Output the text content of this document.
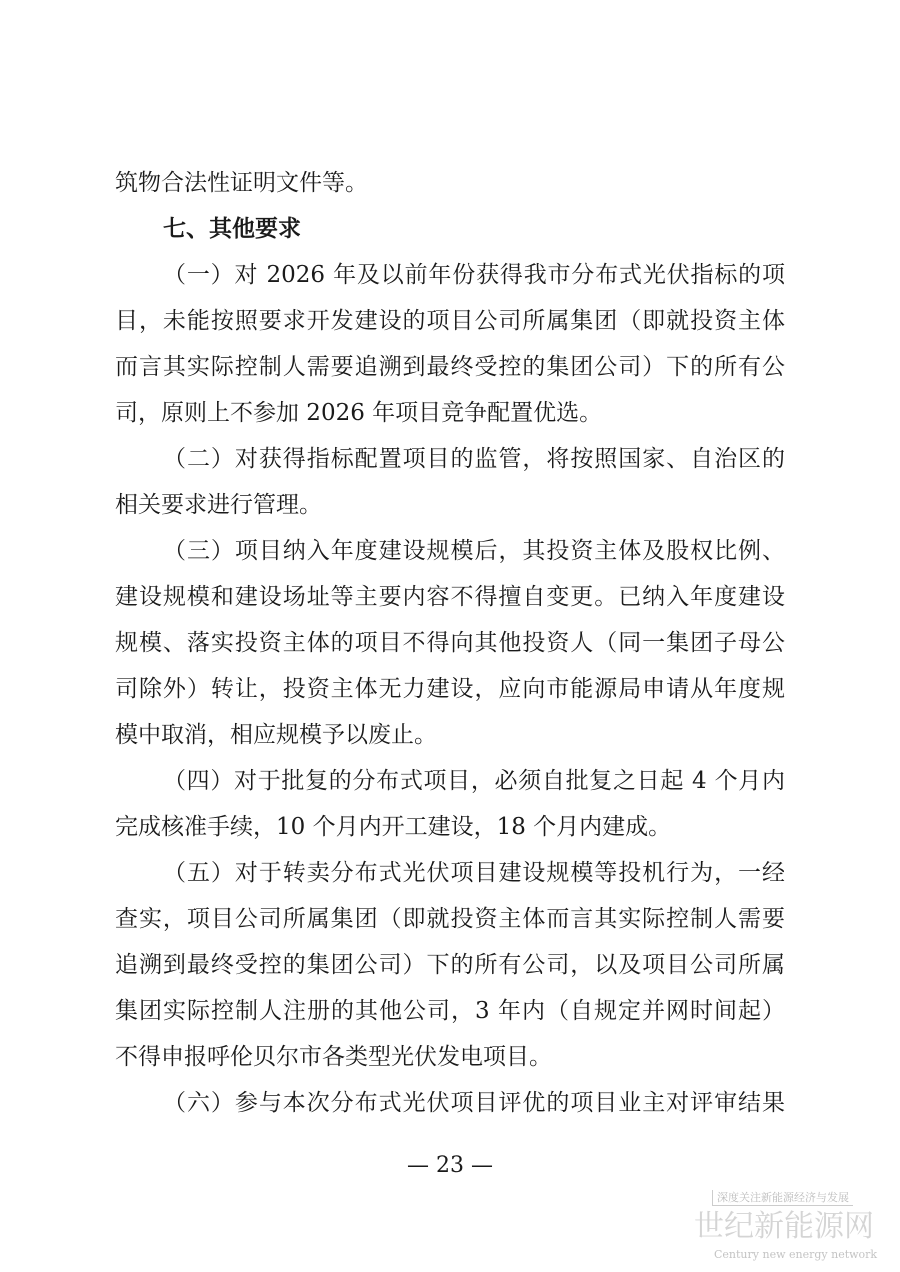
筑物合法性证明文件等。
七、其他要求
（一）对 2026 年及以前年份获得我市分布式光伏指标的项
目，未能按照要求开发建设的项目公司所属集团（即就投资主体
而言其实际控制人需要追溯到最终受控的集团公司）下的所有公
司，原则上不参加 2026 年项目竞争配置优选。
（二）对获得指标配置项目的监管，将按照国家、自治区的
相关要求进行管理。
（三）项目纳入年度建设规模后，其投资主体及股权比例、
建设规模和建设场址等主要内容不得擅自变更。已纳入年度建设
规模、落实投资主体的项目不得向其他投资人（同一集团子母公
司除外）转让，投资主体无力建设，应向市能源局申请从年度规
模中取消，相应规模予以废止。
（四）对于批复的分布式项目，必须自批复之日起 4 个月内
完成核准手续，10 个月内开工建设，18 个月内建成。
（五）对于转卖分布式光伏项目建设规模等投机行为，一经
查实，项目公司所属集团（即就投资主体而言其实际控制人需要
追溯到最终受控的集团公司）下的所有公司，以及项目公司所属
集团实际控制人注册的其他公司，3 年内（自规定并网时间起）
不得申报呼伦贝尔市各类型光伏发电项目。
（六）参与本次分布式光伏项目评优的项目业主对评审结果
— 23 —
深度关注新能源经济与发展
世纪新能源网
Century new energy network
